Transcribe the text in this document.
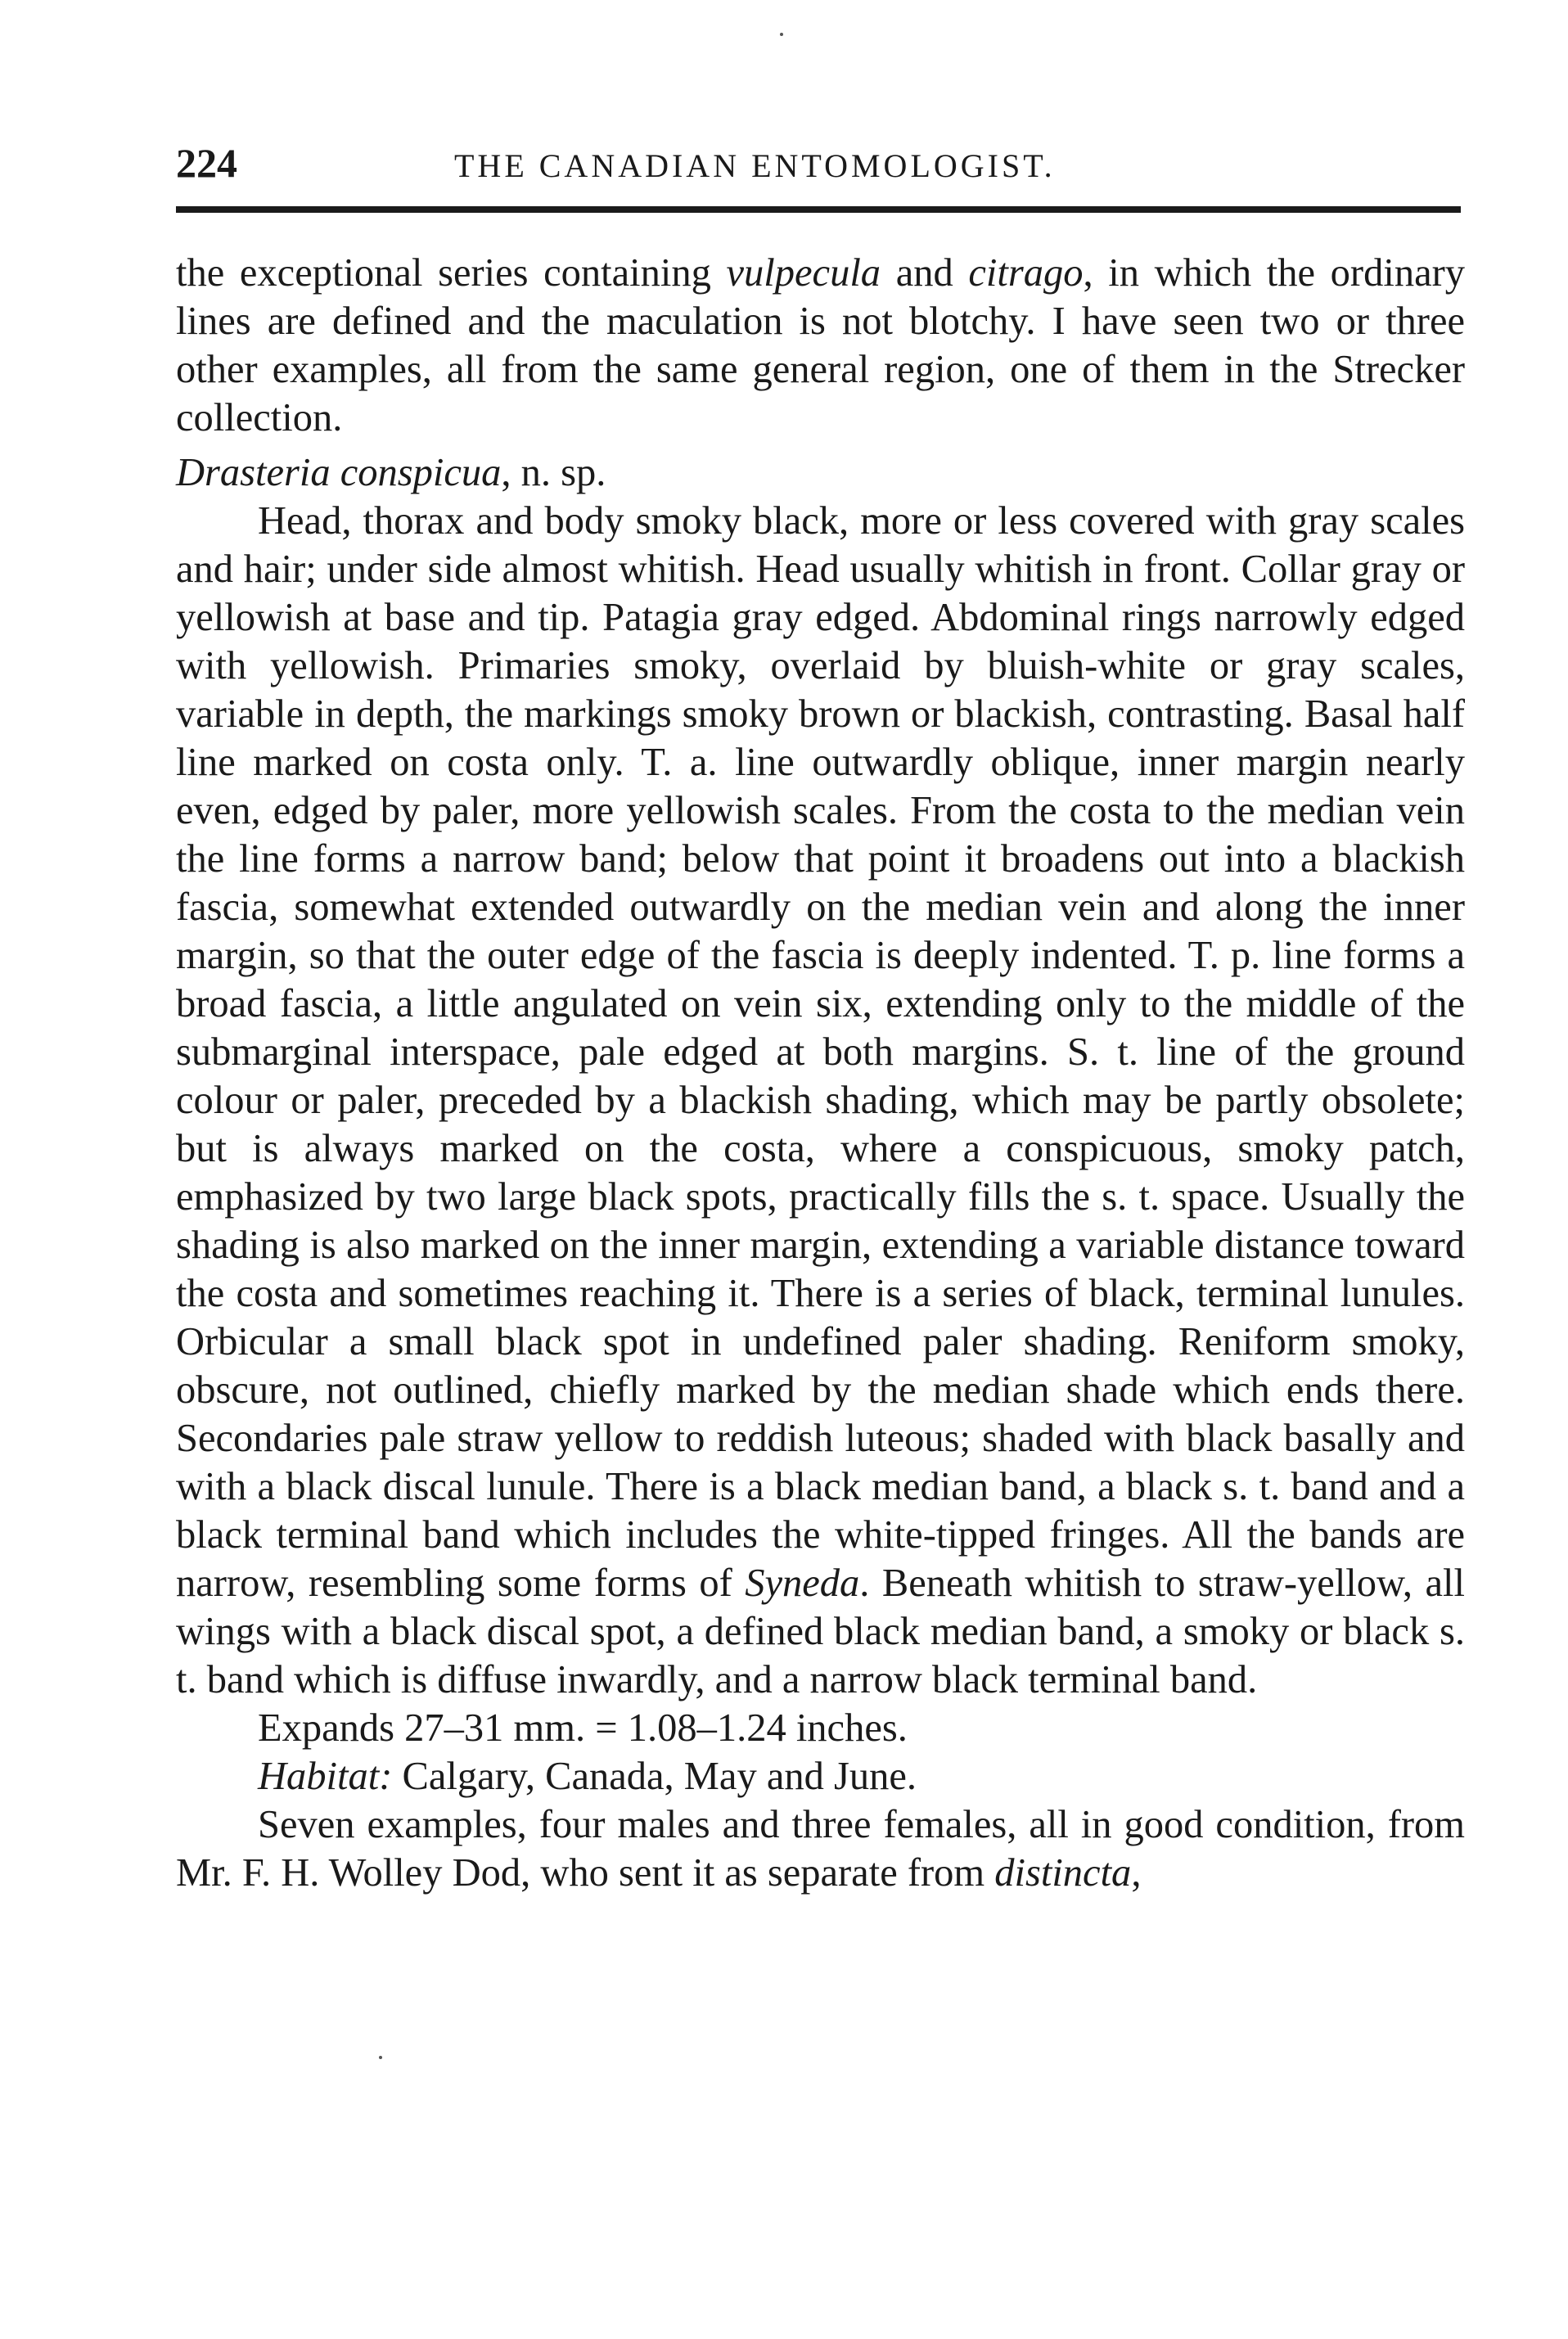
224	THE CANADIAN ENTOMOLOGIST.

the exceptional series containing vulpecula and citrago, in which the ordinary lines are defined and the maculation is not blotchy. I have seen two or three other examples, all from the same general region, one of them in the Strecker collection.

Drasteria conspicua, n. sp.

Head, thorax and body smoky black, more or less covered with gray scales and hair; under side almost whitish. Head usually whitish in front. Collar gray or yellowish at base and tip. Patagia gray edged. Abdominal rings narrowly edged with yellowish. Primaries smoky, overlaid by bluish-white or gray scales, variable in depth, the markings smoky brown or blackish, contrasting. Basal half line marked on costa only. T. a. line outwardly oblique, inner margin nearly even, edged by paler, more yellowish scales. From the costa to the median vein the line forms a narrow band; below that point it broadens out into a blackish fascia, somewhat extended outwardly on the median vein and along the inner margin, so that the outer edge of the fascia is deeply indented. T. p. line forms a broad fascia, a little angulated on vein six, extending only to the middle of the submarginal interspace, pale edged at both margins. S. t. line of the ground colour or paler, preceded by a blackish shading, which may be partly obsolete; but is always marked on the costa, where a conspicuous, smoky patch, emphasized by two large black spots, practically fills the s. t. space. Usually the shading is also marked on the inner margin, extending a variable distance toward the costa and sometimes reaching it. There is a series of black, terminal lunules. Orbicular a small black spot in undefined paler shading. Reniform smoky, obscure, not outlined, chiefly marked by the median shade which ends there. Secondaries pale straw yellow to reddish luteous; shaded with black basally and with a black discal lunule. There is a black median band, a black s. t. band and a black terminal band which includes the white-tipped fringes. All the bands are narrow, resembling some forms of Syneda. Beneath whitish to straw-yellow, all wings with a black discal spot, a defined black median band, a smoky or black s. t. band which is diffuse inwardly, and a narrow black terminal band.

Expands 27–31 mm. = 1.08–1.24 inches.

Habitat: Calgary, Canada, May and June.

Seven examples, four males and three females, all in good condition, from Mr. F. H. Wolley Dod, who sent it as separate from distincta,
